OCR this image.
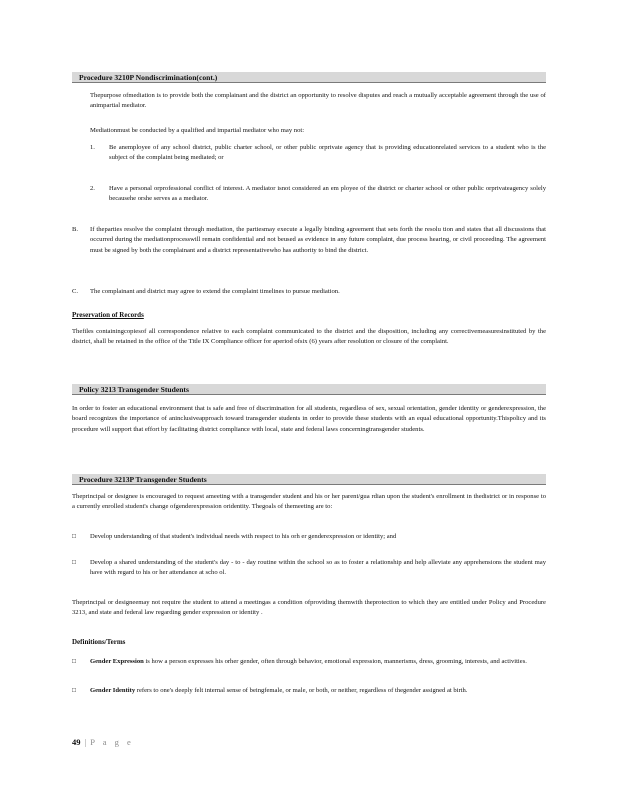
Procedure 3210P Nondiscrimination(cont.)

Thepurpose ofmediation is to provide both the complainant and the district an opportunity to resolve disputes and reach a mutually acceptable agreement through the use of animpartial mediator.

Mediationmust be conducted by a qualified and impartial mediator who may not:

1. Be anemployee of any school district, public charter school, or other public orprivate agency that is providing educationrelated services to a student who is the subject of the complaint being mediated; or

2. Have a personal orprofessional conflict of interest. A mediator isnot considered an em ployee of the district or charter school or other public orprivateagency solely becausehe orshe serves as a mediator.

B. If theparties resolve the complaint through mediation, the partiesmay execute a legally binding agreement that sets forth the resolu tion and states that all discussions that occurred during the mediationprocesswill remain confidential and not beused as evidence in any future complaint, due process hearing, or civil proceeding. The agreement must be signed by both the complainant and a district representativewho has authority to bind the district.

C. The complainant and district may agree to extend the complaint timelines to pursue mediation.

Preservation of Records

Thefiles containingcopiesof all correspondence relative to each complaint communicated to the district and the disposition, including any correctivemeasuresinstituted by the district, shall be retained in the office of the Title IX Compliance officer for aperiod ofsix (6) years after resolution or closure of the complaint.

Policy 3213 Transgender Students

In order to foster an educational environment that is safe and free of discrimination for all students, regardless of sex, sexual orientation, gender identity or genderexpression, the board recognizes the importance of aninclusiveapproach toward transgender students in order to provide these students with an equal educational opportunity.Thispolicy and its procedure will support that effort by facilitating district compliance with local, state and federal laws concerningtransgender students.

Procedure 3213P Transgender Students

Theprincipal or designee is encouraged to request ameeting with a transgender student and his or her parent/gua rdian upon the student's enrollment in thedistrict or in response to a currently enrolled student's change ofgenderexpression oridentity. Thegoals of themeeting are to:

□ Develop understanding of that student's individual needs with respect to his orh er genderexpression or identity; and

□ Develop a shared understanding of the student's day - to - day routine within the school so as to foster a relationship and help alleviate any apprehensions the student may have with regard to his or her attendance at scho ol.

Theprincipal or designeemay not require the student to attend a meetingas a condition ofproviding themwith theprotection to which they are entitled under Policy and Procedure 3213, and state and federal law regarding gender expression or identity .

Definitions/Terms
□ Gender Expression is how a person expresses his orher gender, often through behavior, emotional expression, mannerisms, dress, grooming, interests, and activities.

□ Gender Identity refers to one's deeply felt internal sense of beingfemale, or male, or both, or neither, regardless of thegender assigned at birth.

49 | P a g e
